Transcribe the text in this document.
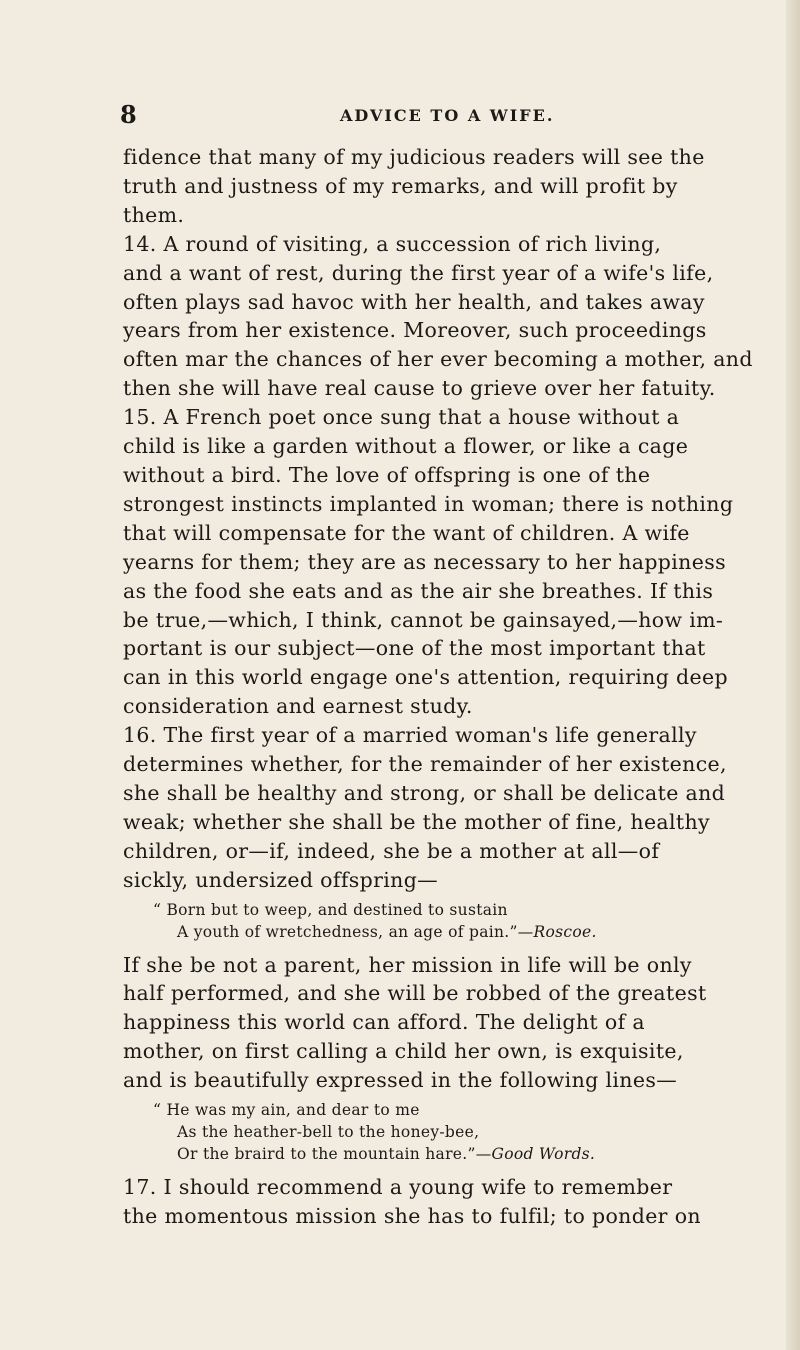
8	ADVICE TO A WIFE.
fidence that many of my judicious readers will see the
truth and justness of my remarks, and will profit by
them.
14. A round of visiting, a succession of rich living,
and a want of rest, during the first year of a wife's life,
often plays sad havoc with her health, and takes away
years from her existence. Moreover, such proceedings
often mar the chances of her ever becoming a mother, and
then she will have real cause to grieve over her fatuity.
15. A French poet once sung that a house without a
child is like a garden without a flower, or like a cage
without a bird. The love of offspring is one of the
strongest instincts implanted in woman; there is nothing
that will compensate for the want of children. A wife
yearns for them; they are as necessary to her happiness
as the food she eats and as the air she breathes. If this
be true,—which, I think, cannot be gainsayed,—how im-
portant is our subject—one of the most important that
can in this world engage one's attention, requiring deep
consideration and earnest study.
16. The first year of a married woman's life generally
determines whether, for the remainder of her existence,
she shall be healthy and strong, or shall be delicate and
weak; whether she shall be the mother of fine, healthy
children, or—if, indeed, she be a mother at all—of
sickly, undersized offspring—
“ Born but to weep, and destined to sustain
A youth of wretchedness, an age of pain.”—Roscoe.
If she be not a parent, her mission in life will be only
half performed, and she will be robbed of the greatest
happiness this world can afford. The delight of a
mother, on first calling a child her own, is exquisite,
and is beautifully expressed in the following lines—
“ He was my ain, and dear to me
As the heather-bell to the honey-bee,
Or the braird to the mountain hare.”—Good Words.
17. I should recommend a young wife to remember
the momentous mission she has to fulfil; to ponder on
